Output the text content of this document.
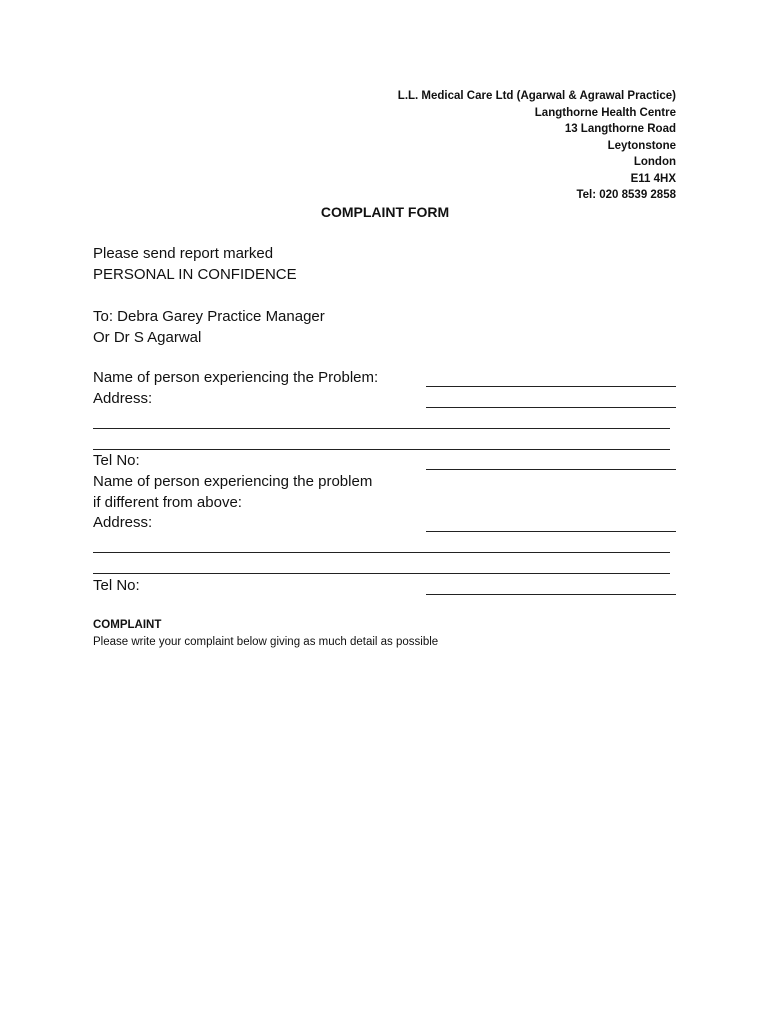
L.L. Medical Care Ltd (Agarwal & Agrawal Practice)
Langthorne Health Centre
13 Langthorne Road
Leytonstone
London
E11 4HX
Tel: 020 8539 2858
COMPLAINT FORM
Please send report marked
PERSONAL IN CONFIDENCE
To: Debra Garey Practice Manager
Or Dr S Agarwal
Name of person experiencing the Problem:
Address:
Tel No:
Name of person experiencing the problem
if different from above:
Address:
Tel No:
COMPLAINT
Please write your complaint below giving as much detail as possible
